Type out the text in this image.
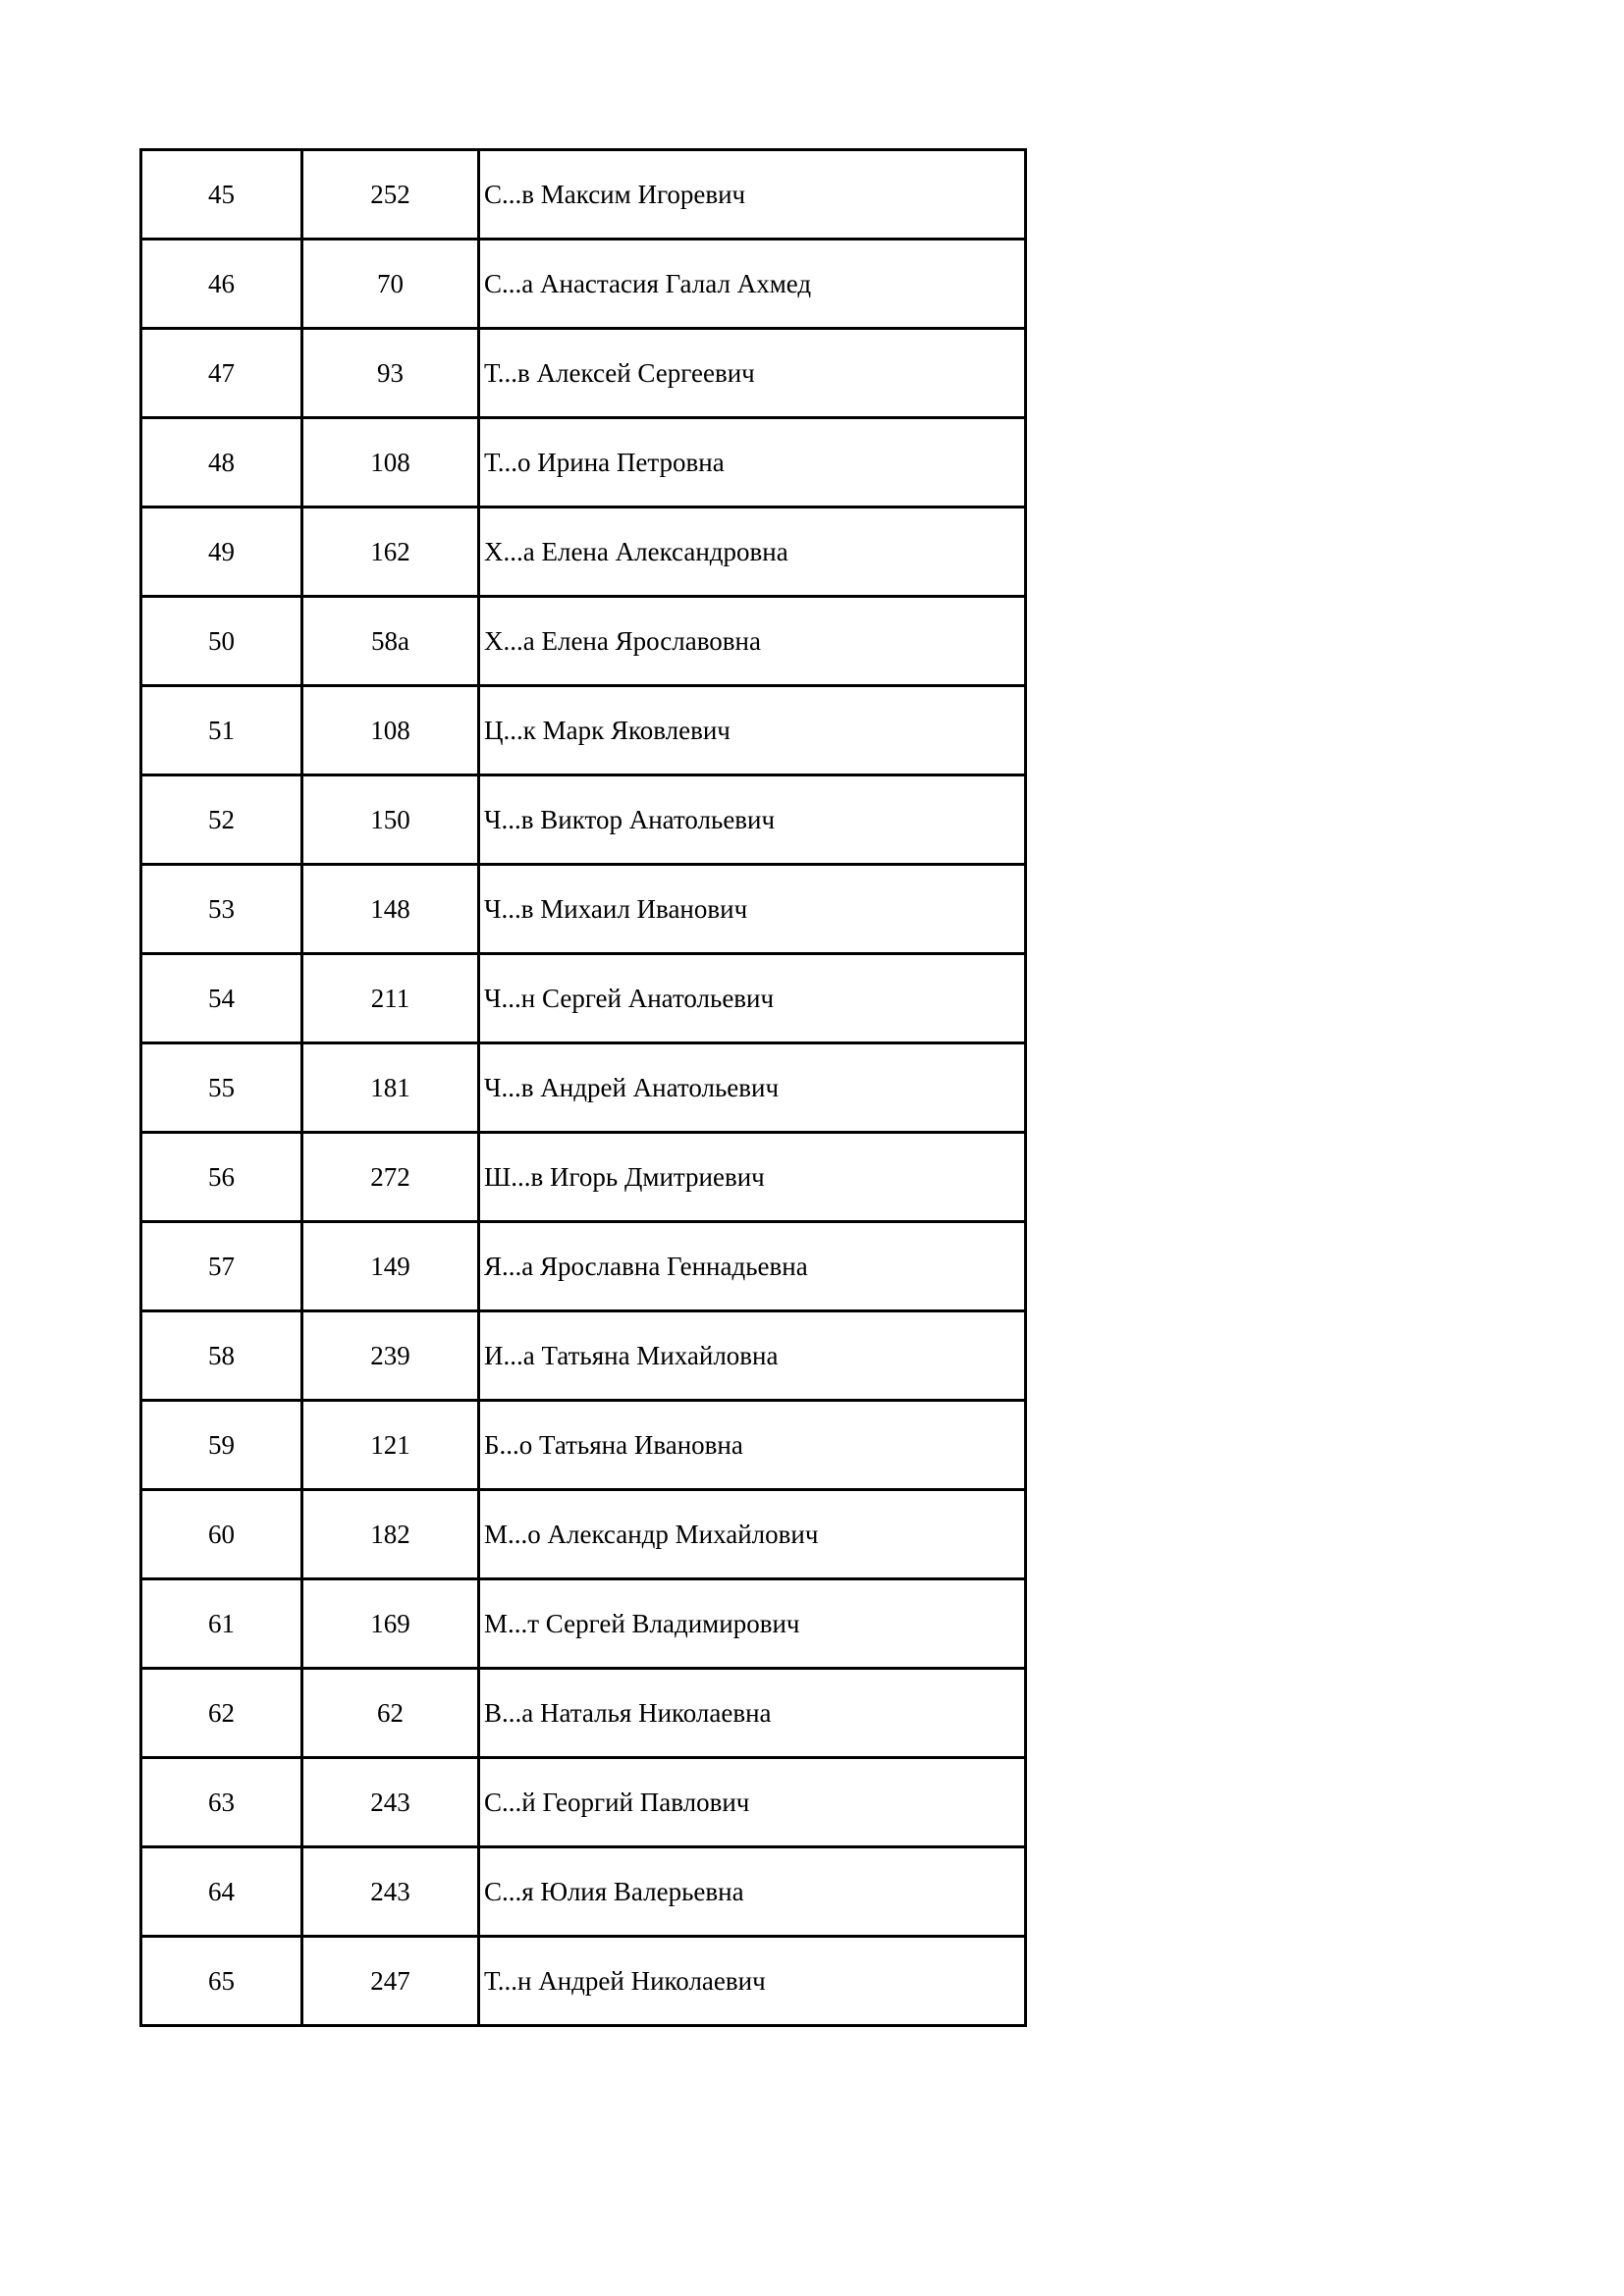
45	252	С...в Максим Игоревич
46	70	С...а Анастасия Галал Ахмед
47	93	Т...в Алексей Сергеевич
48	108	Т...о Ирина Петровна
49	162	Х...а Елена Александровна
50	58а	Х...а Елена Ярославовна
51	108	Ц...к Марк Яковлевич
52	150	Ч...в Виктор Анатольевич
53	148	Ч...в Михаил Иванович
54	211	Ч...н Сергей Анатольевич
55	181	Ч...в Андрей Анатольевич
56	272	Ш...в Игорь Дмитриевич
57	149	Я...а Ярославна Геннадьевна
58	239	И...а Татьяна Михайловна
59	121	Б...о Татьяна Ивановна
60	182	М...о Александр Михайлович
61	169	М...т Сергей Владимирович
62	62	В...а Наталья Николаевна
63	243	С...й Георгий Павлович
64	243	С...я Юлия Валерьевна
65	247	Т...н Андрей Николаевич
